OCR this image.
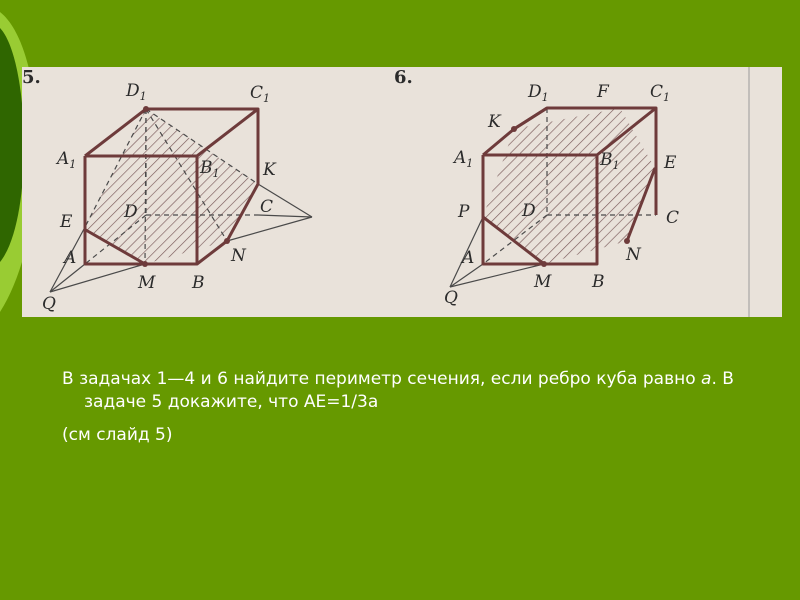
5.
$D_1$	$C_1$
$A_1$	$B_1$	K
C
D
E
A	N
M B
Q
6.
$D_1$	F $C_1$
K
$A_1$	$B_1$	E
P	D	C
A	N
M B
Q

В задачах 1—4 и 6 найдите периметр сечения, если ребро куба равно а. В задаче 5 докажите, что АЕ=1/3а

(см слайд 5)
